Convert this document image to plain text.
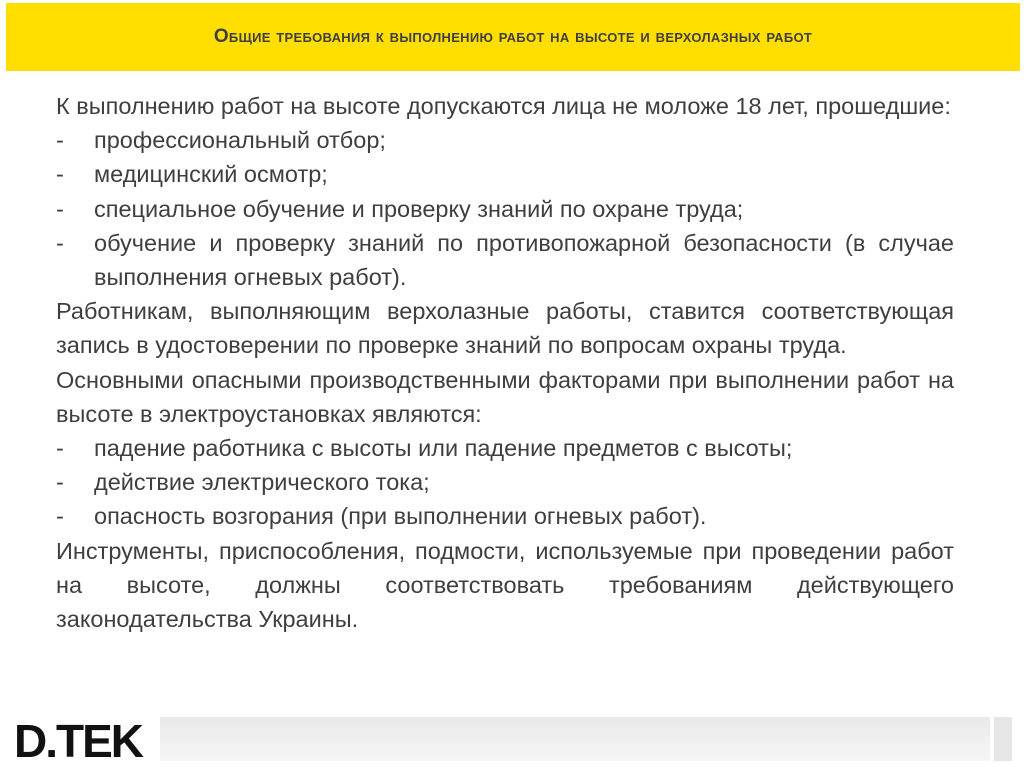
Общие требования к выполнению работ на высоте и верхолазных работ

К выполнению работ на высоте допускаются лица не моложе 18 лет, прошедшие:

-	профессиональный отбор;
-	медицинский осмотр;
-	специальное обучение и проверку знаний по охране труда;
-	обучение и проверку знаний по противопожарной безопасности (в случае выполнения огневых работ).

Работникам, выполняющим верхолазные работы, ставится соответствующая запись в удостоверении по проверке знаний по вопросам охраны труда.

Основными опасными производственными факторами при выполнении работ на высоте в электроустановках являются:

-	падение работника с высоты или падение предметов с высоты;
-	действие электрического тока;
-	опасность возгорания (при выполнении огневых работ).

Инструменты, приспособления, подмости, используемые при проведении работ на высоте, должны соответствовать требованиям действующего законодательства Украины.

D.TEK
